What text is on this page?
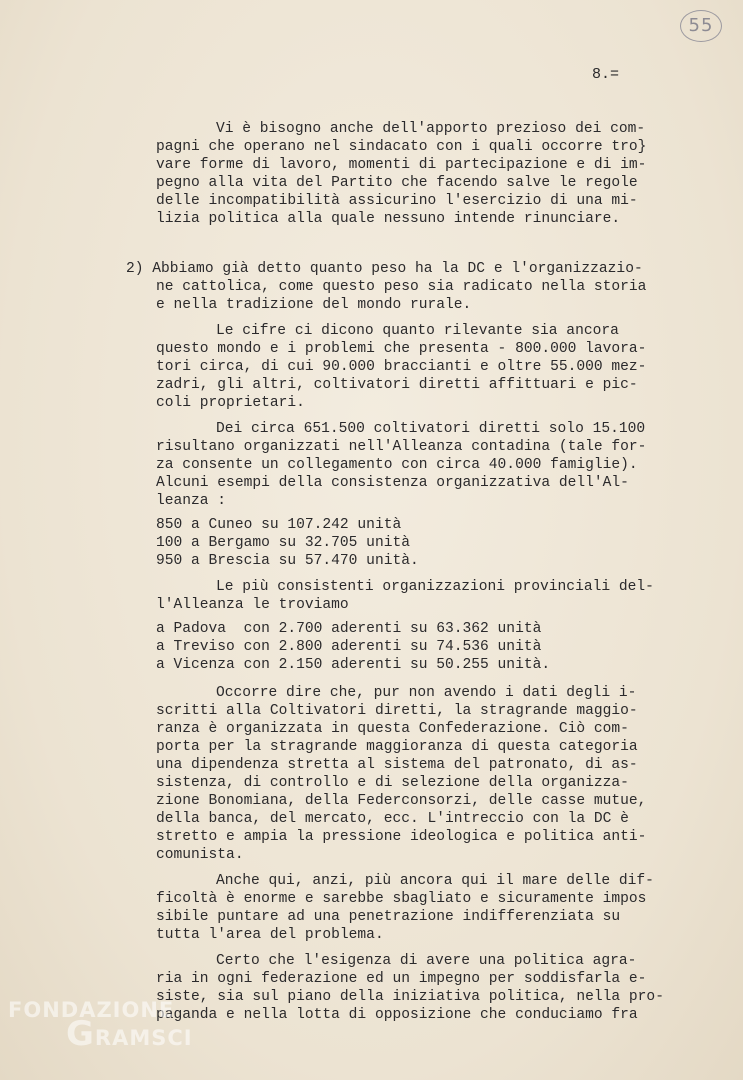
55
8.=
Vi è bisogno anche dell'apporto prezioso dei com-
pagni che operano nel sindacato con i quali occorre tro}
vare forme di lavoro, momenti di partecipazione e di im-
pegno alla vita del Partito che facendo salve le regole
delle incompatibilità assicurino l'esercizio di una mi-
lizia politica alla quale nessuno intende rinunciare.
2) Abbiamo già detto quanto peso ha la DC e l'organizzazio-
ne cattolica, come questo peso sia radicato nella storia
e nella tradizione del mondo rurale.
Le cifre ci dicono quanto rilevante sia ancora
questo mondo e i problemi che presenta - 800.000 lavora-
tori circa, di cui 90.000 braccianti e oltre 55.000 mez-
zadri, gli altri, coltivatori diretti affittuari e pic-
coli proprietari.
Dei circa 651.500 coltivatori diretti solo 15.100
risultano organizzati nell'Alleanza contadina (tale for-
za consente un collegamento con circa 40.000 famiglie).
Alcuni esempi della consistenza organizzativa dell'Al-
leanza :
850 a Cuneo su 107.242 unità
100 a Bergamo su 32.705 unità
950 a Brescia su 57.470 unità.
Le più consistenti organizzazioni provinciali del-
l'Alleanza le troviamo
a Padova  con 2.700 aderenti su 63.362 unità
a Treviso con 2.800 aderenti su 74.536 unità
a Vicenza con 2.150 aderenti su 50.255 unità.
Occorre dire che, pur non avendo i dati degli i-
scritti alla Coltivatori diretti, la stragrande maggio-
ranza è organizzata in questa Confederazione. Ciò com-
porta per la stragrande maggioranza di questa categoria
una dipendenza stretta al sistema del patronato, di as-
sistenza, di controllo e di selezione della organizza-
zione Bonomiana, della Federconsorzi, delle casse mutue,
della banca, del mercato, ecc. L'intreccio con la DC è
stretto e ampia la pressione ideologica e politica anti-
comunista.
Anche qui, anzi, più ancora qui il mare delle dif-
ficoltà è enorme e sarebbe sbagliato e sicuramente impos
sibile puntare ad una penetrazione indifferenziata su
tutta l'area del problema.
Certo che l'esigenza di avere una politica agra-
ria in ogni federazione ed un impegno per soddisfarla e-
siste, sia sul piano della iniziativa politica, nella pro-
paganda e nella lotta di opposizione che conduciamo fra
FONDAZIONE
GRAMSCI
